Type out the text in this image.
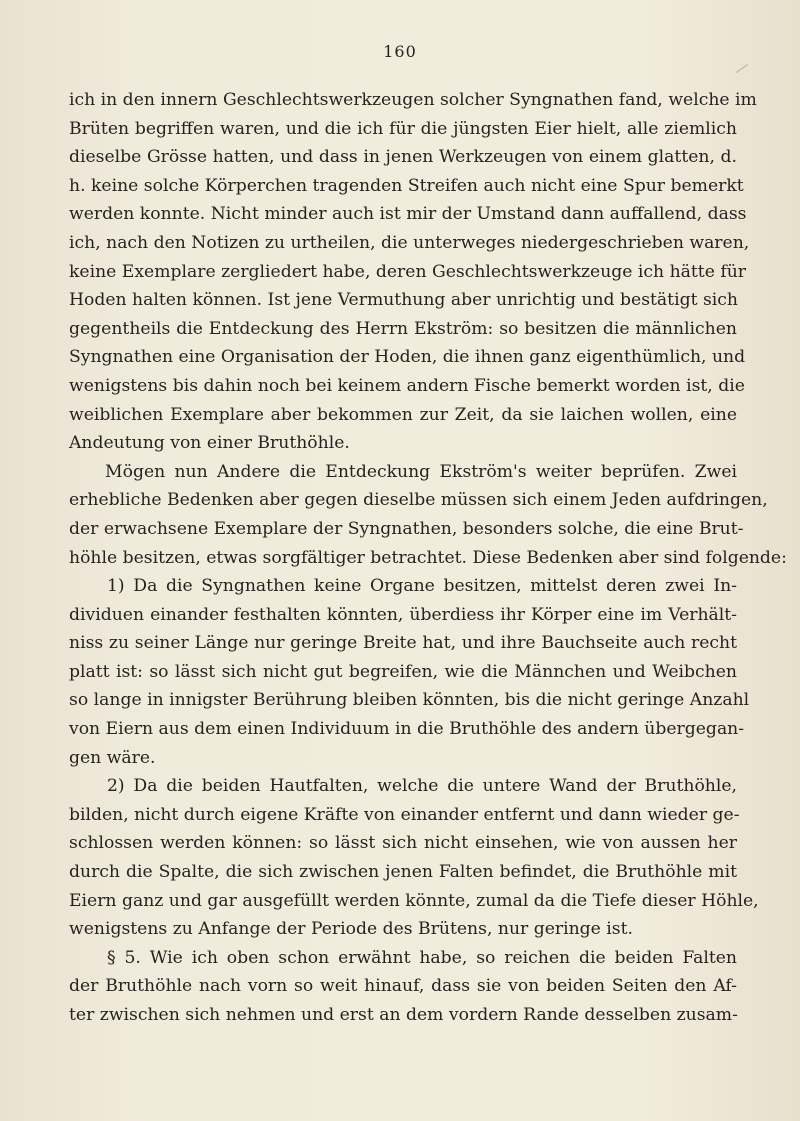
160
ich in den innern Geschlechtswerkzeugen solcher Syngnathen fand, welche im
Brüten begriffen waren, und die ich für die jüngsten Eier hielt, alle ziemlich
dieselbe Grösse hatten, und dass in jenen Werkzeugen von einem glatten, d.
h. keine solche Körperchen tragenden Streifen auch nicht eine Spur bemerkt
werden konnte. Nicht minder auch ist mir der Umstand dann auffallend, dass
ich, nach den Notizen zu urtheilen, die unterweges niedergeschrieben waren,
keine Exemplare zergliedert habe, deren Geschlechtswerkzeuge ich hätte für
Hoden halten können. Ist jene Vermuthung aber unrichtig und bestätigt sich
gegentheils die Entdeckung des Herrn Ekström: so besitzen die männlichen
Syngnathen eine Organisation der Hoden, die ihnen ganz eigenthümlich, und
wenigstens bis dahin noch bei keinem andern Fische bemerkt worden ist, die
weiblichen Exemplare aber bekommen zur Zeit, da sie laichen wollen, eine
Andeutung von einer Bruthöhle.
Mögen nun Andere die Entdeckung Ekström's weiter beprüfen. Zwei
erhebliche Bedenken aber gegen dieselbe müssen sich einem Jeden aufdringen,
der erwachsene Exemplare der Syngnathen, besonders solche, die eine Brut-
höhle besitzen, etwas sorgfältiger betrachtet. Diese Bedenken aber sind folgende:
1) Da die Syngnathen keine Organe besitzen, mittelst deren zwei In-
dividuen einander festhalten könnten, überdiess ihr Körper eine im Verhält-
niss zu seiner Länge nur geringe Breite hat, und ihre Bauchseite auch recht
platt ist: so lässt sich nicht gut begreifen, wie die Männchen und Weibchen
so lange in innigster Berührung bleiben könnten, bis die nicht geringe Anzahl
von Eiern aus dem einen Individuum in die Bruthöhle des andern übergegan-
gen wäre.
2) Da die beiden Hautfalten, welche die untere Wand der Bruthöhle,
bilden, nicht durch eigene Kräfte von einander entfernt und dann wieder ge-
schlossen werden können: so lässt sich nicht einsehen, wie von aussen her
durch die Spalte, die sich zwischen jenen Falten befindet, die Bruthöhle mit
Eiern ganz und gar ausgefüllt werden könnte, zumal da die Tiefe dieser Höhle,
wenigstens zu Anfange der Periode des Brütens, nur geringe ist.
§ 5. Wie ich oben schon erwähnt habe, so reichen die beiden Falten
der Bruthöhle nach vorn so weit hinauf, dass sie von beiden Seiten den Af-
ter zwischen sich nehmen und erst an dem vordern Rande desselben zusam-
